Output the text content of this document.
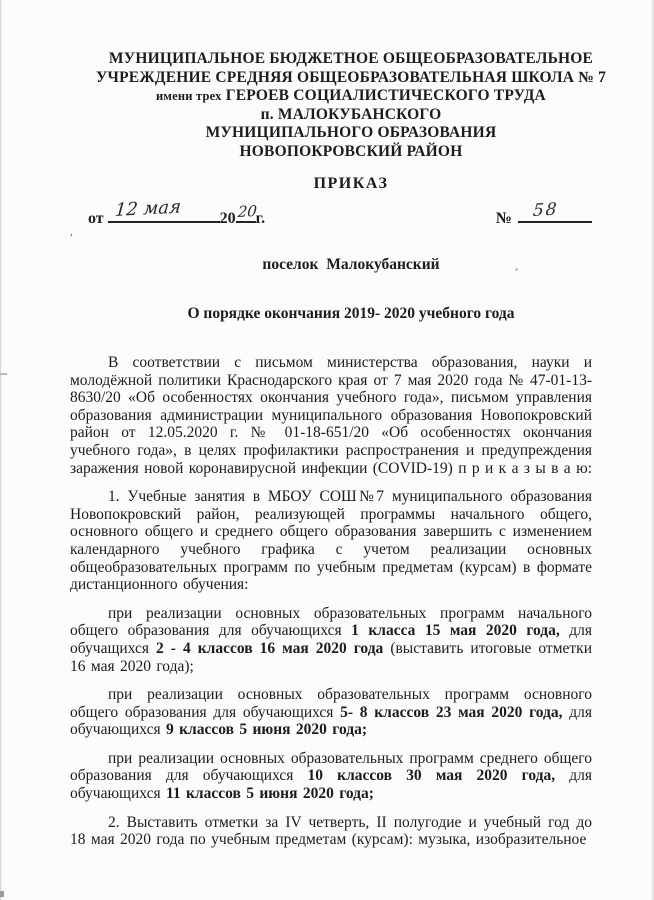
’
МУНИЦИПАЛЬНОЕ БЮДЖЕТНОЕ ОБЩЕОБРАЗОВАТЕЛЬНОЕ
УЧРЕЖДЕНИЕ СРЕДНЯЯ ОБЩЕОБРАЗОВАТЕЛЬНАЯ ШКОЛА № 7
имени трех ГЕРОЕВ СОЦИАЛИСТИЧЕСКОГО ТРУДА
п. МАЛОКУБАНСКОГО
МУНИЦИПАЛЬНОГО ОБРАЗОВАНИЯ
НОВОПОКРОВСКИЙ РАЙОН
ПРИКАЗ
от 12 мая 20 20
г.	№ 58
поселок Малокубанский
О порядке окончания 2019- 2020 учебного года

В соответствии с письмом министерства образования, науки и молодёжной политики Краснодарского края от 7 мая 2020 года № 47-01-13-8630/20 «Об особенностях окончания учебного года», письмом управления образования администрации муниципального образования Новопокровский район от 12.05.2020 г. № 01-18-651/20 «Об особенностях окончания учебного года», в целях профилактики распространения и предупреждения заражения новой коронавирусной инфекции (COVID-19) п р и к а з ы в а ю:

1. Учебные занятия в МБОУ СОШ№7 муниципального образования Новопокровский район, реализующей программы начального общего, основного общего и среднего общего образования завершить с изменением календарного учебного графика с учетом реализации основных общеобразовательных программ по учебным предметам (курсам) в формате дистанционного обучения:

при реализации основных образовательных программ начального общего образования для обучающихся 1 класса 15 мая 2020 года, для обучащихся 2 - 4 классов 16 мая 2020 года (выставить итоговые отметки 16 мая 2020 года);

при реализации основных образовательных программ основного общего образования для обучающихся 5- 8 классов 23 мая 2020 года, для обучающихся 9 классов 5 июня 2020 года;

при реализации основных образовательных программ среднего общего образования для обучающихся 10 классов 30 мая 2020 года, для обучающихся 11 классов 5 июня 2020 года;

2. Выставить отметки за IV четверть, II полугодие и учебный год до 18 мая 2020 года по учебным предметам (курсам): музыка, изобразительное
